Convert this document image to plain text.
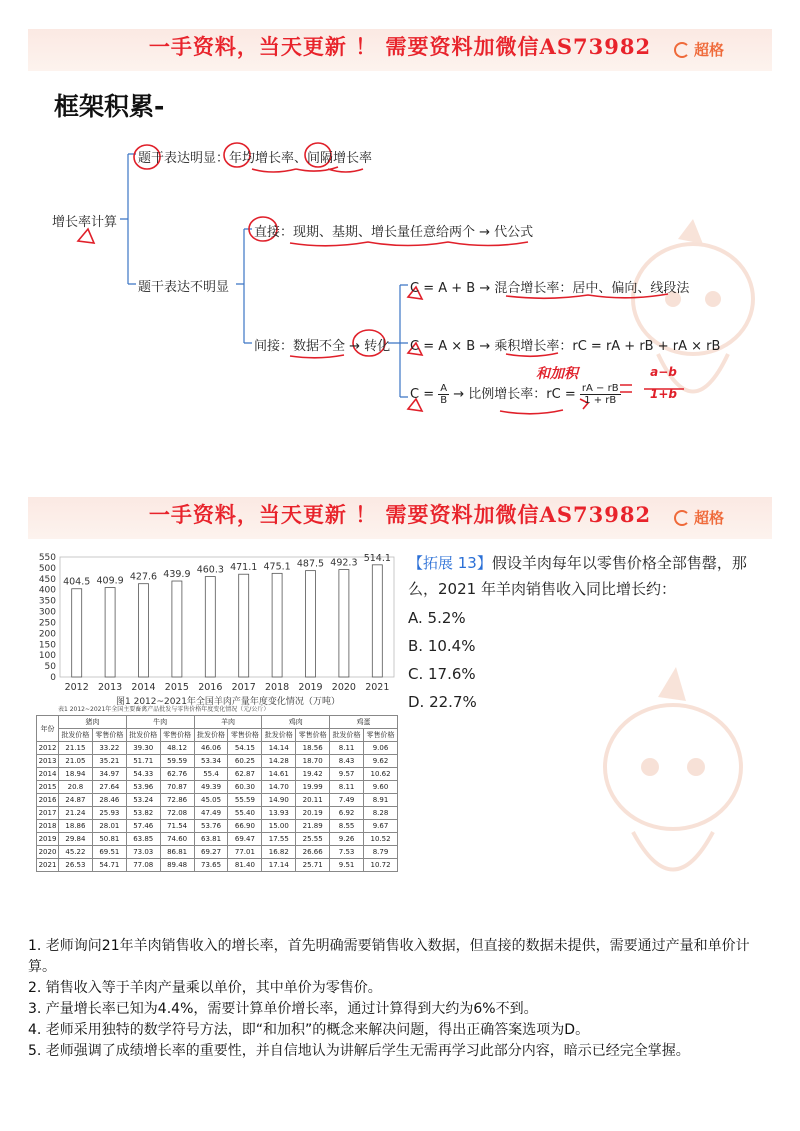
一手资料，当天更新 ！ 需要资料加微信AS73982	超格
框架积累-
增长率计算
题干表达明显：年均增长率、间隔增长率
题干表达不明显
直接：现期、基期、增长量任意给两个 → 代公式
间接：数据不全 → 转化
C = A + B → 混合增长率：居中、偏向、线段法
C = A × B → 乘积增长率：rC = rA + rB + rA × rB
$C = \frac{A}{B}$ → 比例增长率：rC = $\frac{rA - rB}{1 + rB}$
和加积	a−b
1+b
一手资料，当天更新 ！ 需要资料加微信AS73982	超格
0
50
100
150
200
250
300
350
400
450
500
550
404.5
2012
409.9
2013
427.6
2014
439.9
2015
460.3
2016
471.1
2017
475.1
2018
487.5
2019
492.3
2020
514.1
2021
图1 2012~2021年全国羊肉产量年度变化情况（万吨）
表1 2012~2021年全国主要畜禽产品批发与零售价格年度变化情况（元/公斤）
年份	猪肉		牛肉		羊肉		鸡肉		鸡蛋	
	批发价格	零售价格	批发价格	零售价格	批发价格	零售价格	批发价格	零售价格	批发价格	零售价格
2012	21.15	33.22	39.30	48.12	46.06	54.15	14.14	18.56	8.11	9.06
2013	21.05	35.21	51.71	59.59	53.34	60.25	14.28	18.70	8.43	9.62
2014	18.94	34.97	54.33	62.76	55.4	62.87	14.61	19.42	9.57	10.62
2015	20.8	27.64	53.96	70.87	49.39	60.30	14.70	19.99	8.11	9.60
2016	24.87	28.46	53.24	72.86	45.05	55.59	14.90	20.11	7.49	8.91
2017	21.24	25.93	53.82	72.08	47.49	55.40	13.93	20.19	6.92	8.28
2018	18.86	28.01	57.46	71.54	53.76	66.90	15.00	21.89	8.55	9.67
2019	29.84	50.81	63.85	74.60	63.81	69.47	17.55	25.55	9.26	10.52
2020	45.22	69.51	73.03	86.81	69.27	77.01	16.82	26.66	7.53	8.79
2021	26.53	54.71	77.08	89.48	73.65	81.40	17.14	25.71	9.51	10.72
【拓展 13】假设羊肉每年以零售价格全部售罄，那么，2021 年羊肉销售收入同比增长约：
A. 5.2%
B. 10.4%
C. 17.6%
D. 22.7%

1. 老师询问21年羊肉销售收入的增长率，首先明确需要销售收入数据，但直接的数据未提供，需要通过产量和单价计算。

2. 销售收入等于羊肉产量乘以单价，其中单价为零售价。

3. 产量增长率已知为4.4%，需要计算单价增长率，通过计算得到大约为6%不到。

4. 老师采用独特的数学符号方法，即“和加积”的概念来解决问题，得出正确答案选项为D。

5. 老师强调了成绩增长率的重要性，并自信地认为讲解后学生无需再学习此部分内容，暗示已经完全掌握。
